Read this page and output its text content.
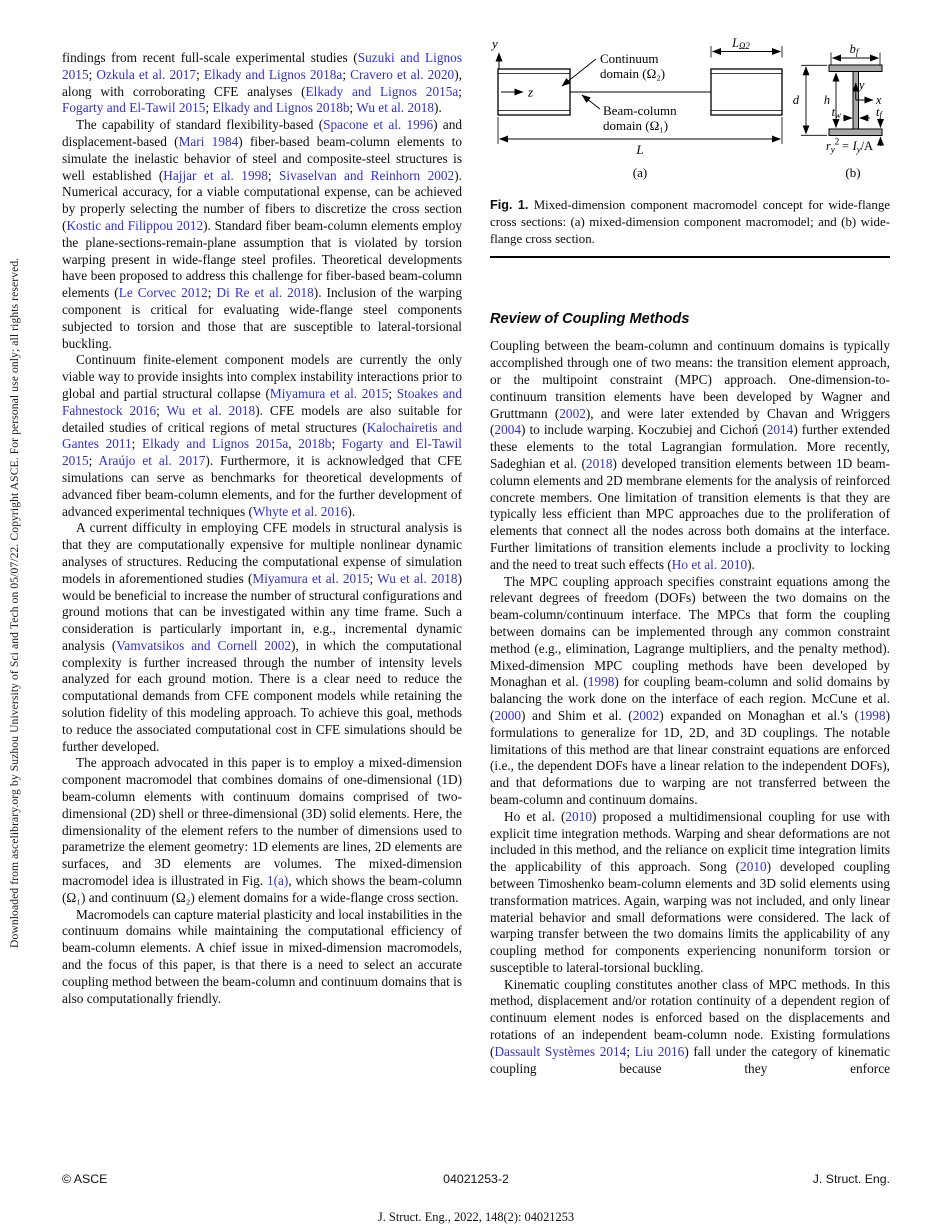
Downloaded from ascelibrary.org by Suzhou University of Sci and Tech on 05/07/22. Copyright ASCE. For personal use only; all rights reserved.

findings from recent full-scale experimental studies (Suzuki and Lignos 2015; Ozkula et al. 2017; Elkady and Lignos 2018a; Cravero et al. 2020), along with corroborating CFE analyses (Elkady and Lignos 2015a; Fogarty and El-Tawil 2015; Elkady and Lignos 2018b; Wu et al. 2018).

The capability of standard flexibility-based (Spacone et al. 1996) and displacement-based (Mari 1984) fiber-based beam-column elements to simulate the inelastic behavior of steel and composite-steel structures is well established (Hajjar et al. 1998; Sivaselvan and Reinhorn 2002). Numerical accuracy, for a viable computational expense, can be achieved by properly selecting the number of fibers to discretize the cross section (Kostic and Filippou 2012). Standard fiber beam-column elements employ the plane-sections-remain-plane assumption that is violated by torsion warping present in wide-flange steel profiles. Theoretical developments have been proposed to address this challenge for fiber-based beam-column elements (Le Corvec 2012; Di Re et al. 2018). Inclusion of the warping component is critical for evaluating wide-flange steel components subjected to torsion and those that are susceptible to lateral-torsional buckling.

Continuum finite-element component models are currently the only viable way to provide insights into complex instability interactions prior to global and partial structural collapse (Miyamura et al. 2015; Stoakes and Fahnestock 2016; Wu et al. 2018). CFE models are also suitable for detailed studies of critical regions of metal structures (Kalochairetis and Gantes 2011; Elkady and Lignos 2015a, 2018b; Fogarty and El-Tawil 2015; Araújo et al. 2017). Furthermore, it is acknowledged that CFE simulations can serve as benchmarks for theoretical developments of advanced fiber beam-column elements, and for the further development of advanced experimental techniques (Whyte et al. 2016).

A current difficulty in employing CFE models in structural analysis is that they are computationally expensive for multiple nonlinear dynamic analyses of structures. Reducing the computational expense of simulation models in aforementioned studies (Miyamura et al. 2015; Wu et al. 2018) would be beneficial to increase the number of structural configurations and ground motions that can be investigated within any time frame. Such a consideration is particularly important in, e.g., incremental dynamic analysis (Vamvatsikos and Cornell 2002), in which the computational complexity is further increased through the number of intensity levels analyzed for each ground motion. There is a clear need to reduce the computational demands from CFE component models while retaining the solution fidelity of this modeling approach. To achieve this goal, methods to reduce the associated computational cost in CFE simulations should be further developed.

The approach advocated in this paper is to employ a mixed-dimension component macromodel that combines domains of one-dimensional (1D) beam-column elements with continuum domains comprised of two-dimensional (2D) shell or three-dimensional (3D) solid elements. Here, the dimensionality of the element refers to the number of dimensions used to parametrize the element geometry: 1D elements are lines, 2D elements are surfaces, and 3D elements are volumes. The mixed-dimension macromodel idea is illustrated in Fig. 1(a), which shows the beam-column (Ω₁) and continuum (Ω₂) element domains for a wide-flange cross section.

Macromodels can capture material plasticity and local instabilities in the continuum domains while maintaining the computational efficiency of beam-column elements. A chief issue in mixed-dimension macromodels, and the focus of this paper, is that there is a need to select an accurate coupling method between the beam-column and continuum domains that is also computationally friendly.

y
z
Continuum
domain (Ω₂)
Beam-column
domain (Ω₁)
LΩ2
L
(a)
bf
d h
y
x
tw	tf
$r_y^2 = I_y/A$
(b)

Fig. 1. Mixed-dimension component macromodel concept for wide-flange cross sections: (a) mixed-dimension component macromodel; and (b) wide-flange cross section.

Review of Coupling Methods

Coupling between the beam-column and continuum domains is typically accomplished through one of two means: the transition element approach, or the multipoint constraint (MPC) approach. One-dimension-to-continuum transition elements have been developed by Wagner and Gruttmann (2002), and were later extended by Chavan and Wriggers (2004) to include warping. Koczubiej and Cichoń (2014) further extended these elements to the total Lagrangian formulation. More recently, Sadeghian et al. (2018) developed transition elements between 1D beam-column elements and 2D membrane elements for the analysis of reinforced concrete members. One limitation of transition elements is that they are typically less efficient than MPC approaches due to the proliferation of elements that connect all the nodes across both domains at the interface. Further limitations of transition elements include a proclivity to locking and the need to treat such effects (Ho et al. 2010).

The MPC coupling approach specifies constraint equations among the relevant degrees of freedom (DOFs) between the two domains on the beam-column/continuum interface. The MPCs that form the coupling between domains can be implemented through any common constraint method (e.g., elimination, Lagrange multipliers, and the penalty method). Mixed-dimension MPC coupling methods have been developed by Monaghan et al. (1998) for coupling beam-column and solid domains by balancing the work done on the interface of each region. McCune et al. (2000) and Shim et al. (2002) expanded on Monaghan et al.'s (1998) formulations to generalize for 1D, 2D, and 3D couplings. The notable limitations of this method are that linear constraint equations are enforced (i.e., the dependent DOFs have a linear relation to the independent DOFs), and that deformations due to warping are not transferred between the beam-column and continuum domains.

Ho et al. (2010) proposed a multidimensional coupling for use with explicit time integration methods. Warping and shear deformations are not included in this method, and the reliance on explicit time integration limits the applicability of this approach. Song (2010) developed coupling between Timoshenko beam-column elements and 3D solid elements using transformation matrices. Again, warping was not included, and only linear material behavior and small deformations were considered. The lack of warping transfer between the two domains limits the applicability of any coupling method for components experiencing nonuniform torsion or susceptible to lateral-torsional buckling.

Kinematic coupling constitutes another class of MPC methods. In this method, displacement and/or rotation continuity of a dependent region of continuum element nodes is enforced based on the displacements and rotations of an independent beam-column node. Existing formulations (Dassault Systèmes 2014; Liu 2016) fall under the category of kinematic coupling because they enforce

© ASCE	04021253-2	J. Struct. Eng.
J. Struct. Eng., 2022, 148(2): 04021253
